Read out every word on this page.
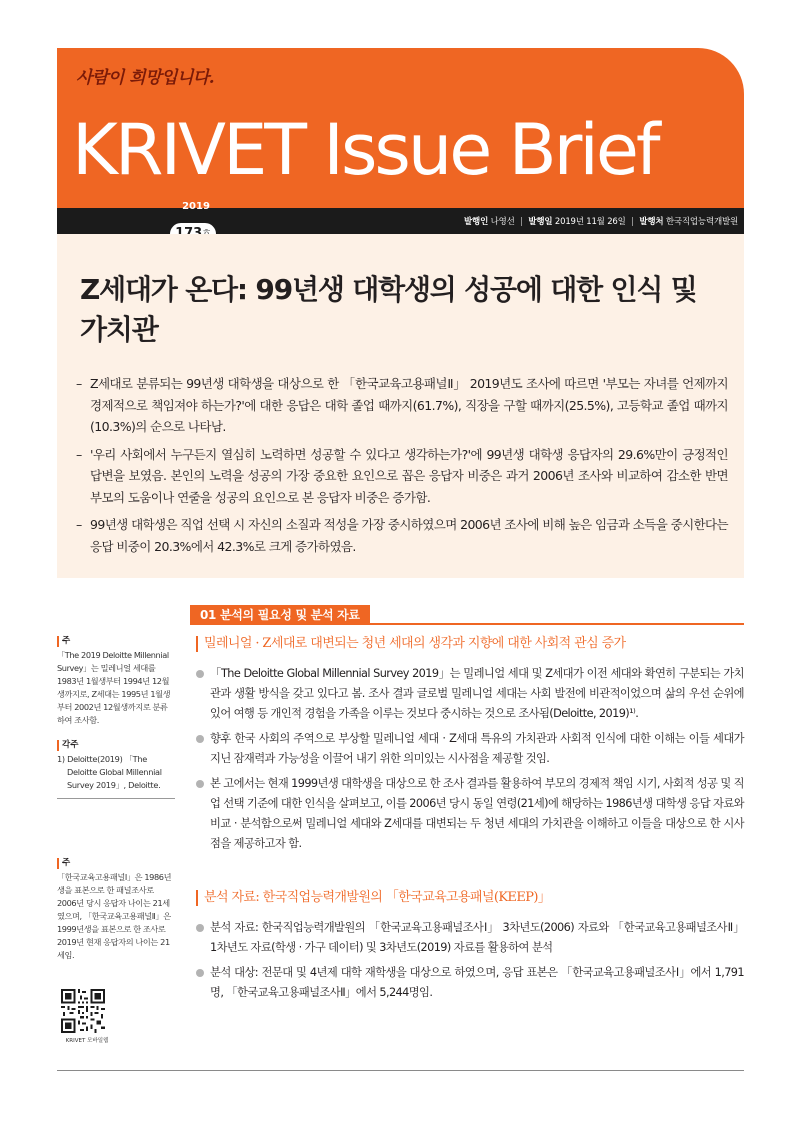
사람이 희망입니다.
KRIVET Issue Brief
2019
발행인 나영선 | 발행일 2019년 11월 26일 | 발행처 한국직업능력개발원
Z세대가 온다: 99년생 대학생의 성공에 대한 인식 및 가치관
– Z세대로 분류되는 99년생 대학생을 대상으로 한 「한국교육고용패널Ⅱ」 2019년도 조사에 따르면 '부모는 자녀를 언제까지 경제적으로 책임져야 하는가?'에 대한 응답은 대학 졸업 때까지(61.7%), 직장을 구할 때까지(25.5%), 고등학교 졸업 때까지(10.3%)의 순으로 나타남.
– '우리 사회에서 누구든지 열심히 노력하면 성공할 수 있다고 생각하는가?'에 99년생 대학생 응답자의 29.6%만이 긍정적인 답변을 보였음. 본인의 노력을 성공의 가장 중요한 요인으로 꼽은 응답자 비중은 과거 2006년 조사와 비교하여 감소한 반면 부모의 도움이나 연줄을 성공의 요인으로 본 응답자 비중은 증가함.
– 99년생 대학생은 직업 선택 시 자신의 소질과 적성을 가장 중시하였으며 2006년 조사에 비해 높은 임금과 소득을 중시한다는 응답 비중이 20.3%에서 42.3%로 크게 증가하였음.
주
「The 2019 Deloitte Millennial Survey」는 밀레니얼 세대를 1983년 1월생부터 1994년 12월생까지로, Z세대는 1995년 1월생부터 2002년 12월생까지로 분류하여 조사함.
각주
1) Deloitte(2019) 「The Deloitte Global Millennial Survey 2019」, Deloitte.
주
「한국교육고용패널Ⅰ」은 1986년생을 표본으로 한 패널조사로 2006년 당시 응답자 나이는 21세였으며, 「한국교육고용패널Ⅱ」은 1999년생을 표본으로 한 조사로 2019년 현재 응답자의 나이는 21세임.
KRIVET 모바일웹
01 분석의 필요성 및 분석 자료
밀레니얼 · Z세대로 대변되는 청년 세대의 생각과 지향에 대한 사회적 관심 증가
「The Deloitte Global Millennial Survey 2019」는 밀레니얼 세대 및 Z세대가 이전 세대와 확연히 구분되는 가치관과 생활 방식을 갖고 있다고 봄. 조사 결과 글로벌 밀레니얼 세대는 사회 발전에 비관적이었으며 삶의 우선 순위에 있어 여행 등 개인적 경험을 가족을 이루는 것보다 중시하는 것으로 조사됨(Deloitte, 2019)¹⁾.
향후 한국 사회의 주역으로 부상할 밀레니얼 세대 · Z세대 특유의 가치관과 사회적 인식에 대한 이해는 이들 세대가 지닌 잠재력과 가능성을 이끌어 내기 위한 의미있는 시사점을 제공할 것임.
본 고에서는 현재 1999년생 대학생을 대상으로 한 조사 결과를 활용하여 부모의 경제적 책임 시기, 사회적 성공 및 직업 선택 기준에 대한 인식을 살펴보고, 이를 2006년 당시 동일 연령(21세)에 해당하는 1986년생 대학생 응답 자료와 비교 · 분석함으로써 밀레니얼 세대와 Z세대를 대변되는 두 청년 세대의 가치관을 이해하고 이들을 대상으로 한 시사점을 제공하고자 함.
분석 자료: 한국직업능력개발원의 「한국교육고용패널(KEEP)」
분석 자료: 한국직업능력개발원의 「한국교육고용패널조사Ⅰ」 3차년도(2006) 자료와 「한국교육고용패널조사Ⅱ」 1차년도 자료(학생 · 가구 데이터) 및 3차년도(2019) 자료를 활용하여 분석
분석 대상: 전문대 및 4년제 대학 재학생을 대상으로 하였으며, 응답 표본은 「한국교육고용패널조사Ⅰ」에서 1,791명, 「한국교육고용패널조사Ⅱ」에서 5,244명임.
